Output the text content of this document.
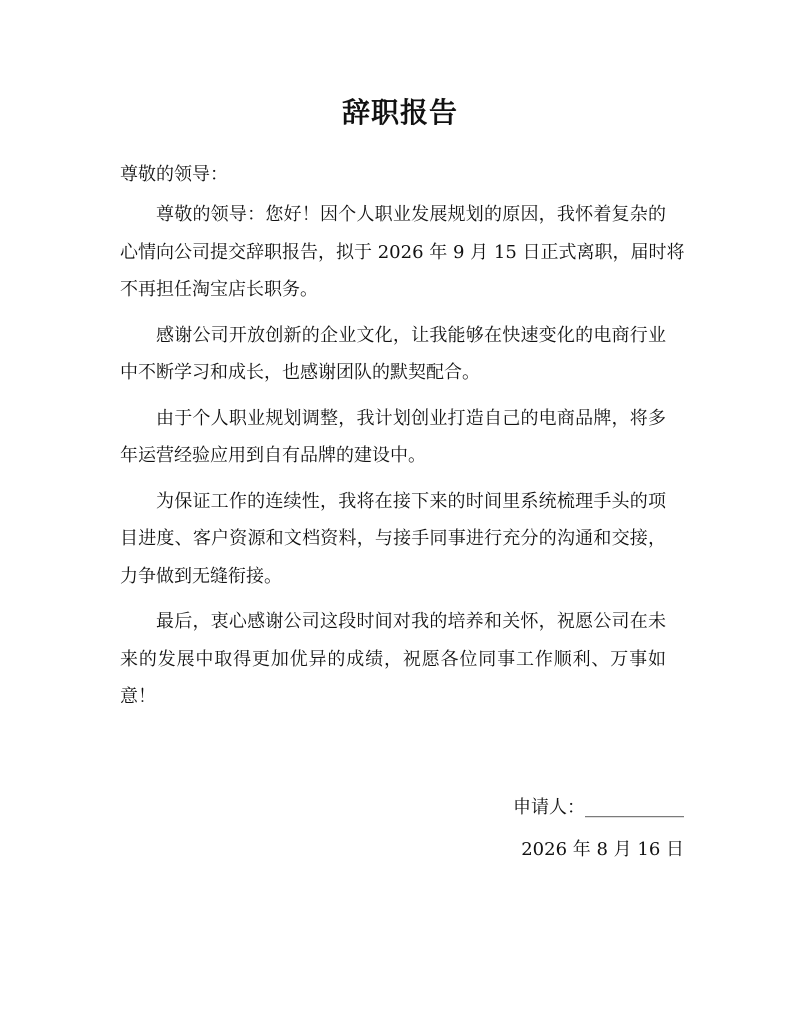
辞职报告
尊敬的领导：
尊敬的领导：您好！因个人职业发展规划的原因，我怀着复杂的
心情向公司提交辞职报告，拟于 2026 年 9 月 15 日正式离职，届时将
不再担任淘宝店长职务。
感谢公司开放创新的企业文化，让我能够在快速变化的电商行业
中不断学习和成长，也感谢团队的默契配合。
由于个人职业规划调整，我计划创业打造自己的电商品牌，将多
年运营经验应用到自有品牌的建设中。
为保证工作的连续性，我将在接下来的时间里系统梳理手头的项
目进度、客户资源和文档资料，与接手同事进行充分的沟通和交接，
力争做到无缝衔接。
最后，衷心感谢公司这段时间对我的培养和关怀，祝愿公司在未
来的发展中取得更加优异的成绩，祝愿各位同事工作顺利、万事如
意！
申请人：___________
2026 年 8 月 16 日
